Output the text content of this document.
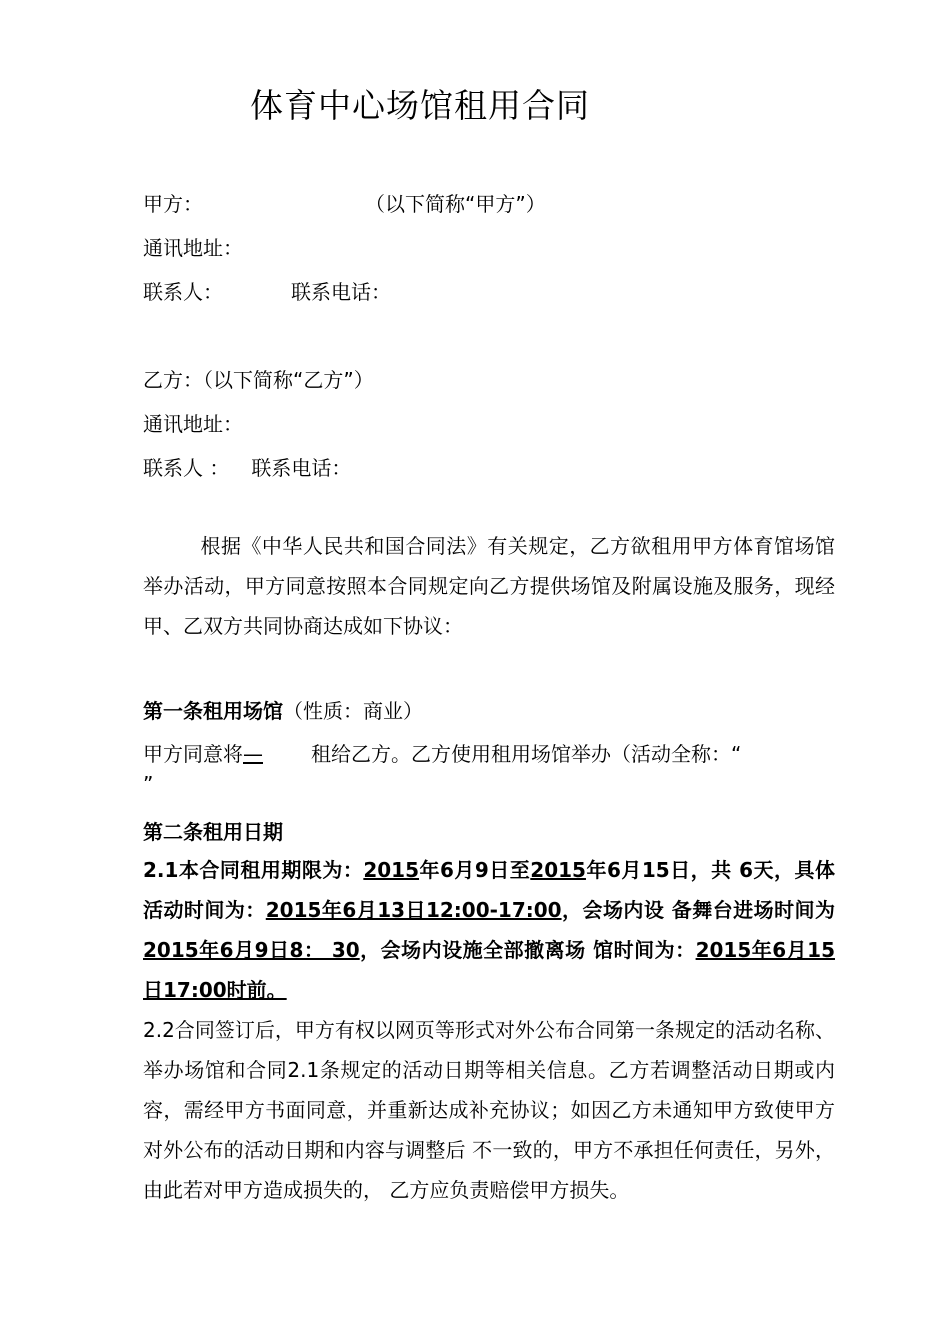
体育中心场馆租用合同
甲方：	（以下简称“甲方”）
通讯地址：
联系人：	联系电话：
乙方：（以下简称“乙方”）
通讯地址：
联系人 ： 联系电话：
根据《中华人民共和国合同法》有关规定，乙方欲租用甲方体育馆场馆举办活动，甲方同意按照本合同规定向乙方提供场馆及附属设施及服务，现经甲、乙双方共同协商达成如下协议：
第一条租用场馆（性质：商业）
甲方同意将— 租给乙方。乙方使用租用场馆举办（活动全称：“
”
第二条租用日期
2.1本合同租用期限为：2015年6月9日至2015年6月15日，共 6天，具体活动时间为：2015年6月13日12:00-17:00，会场内设 备舞台进场时间为2015年6月9日8： 30，会场内设施全部撤离场 馆时间为：2015年6月15日17:00时前。
2.2合同签订后，甲方有权以网页等形式对外公布合同第一条规定的活动名称、举办场馆和合同2.1条规定的活动日期等相关信息。乙方若调整活动日期或内容，需经甲方书面同意，并重新达成补充协议；如因乙方未通知甲方致使甲方对外公布的活动日期和内容与调整后 不一致的，甲方不承担任何责任，另外，由此若对甲方造成损失的， 乙方应负责赔偿甲方损失。
